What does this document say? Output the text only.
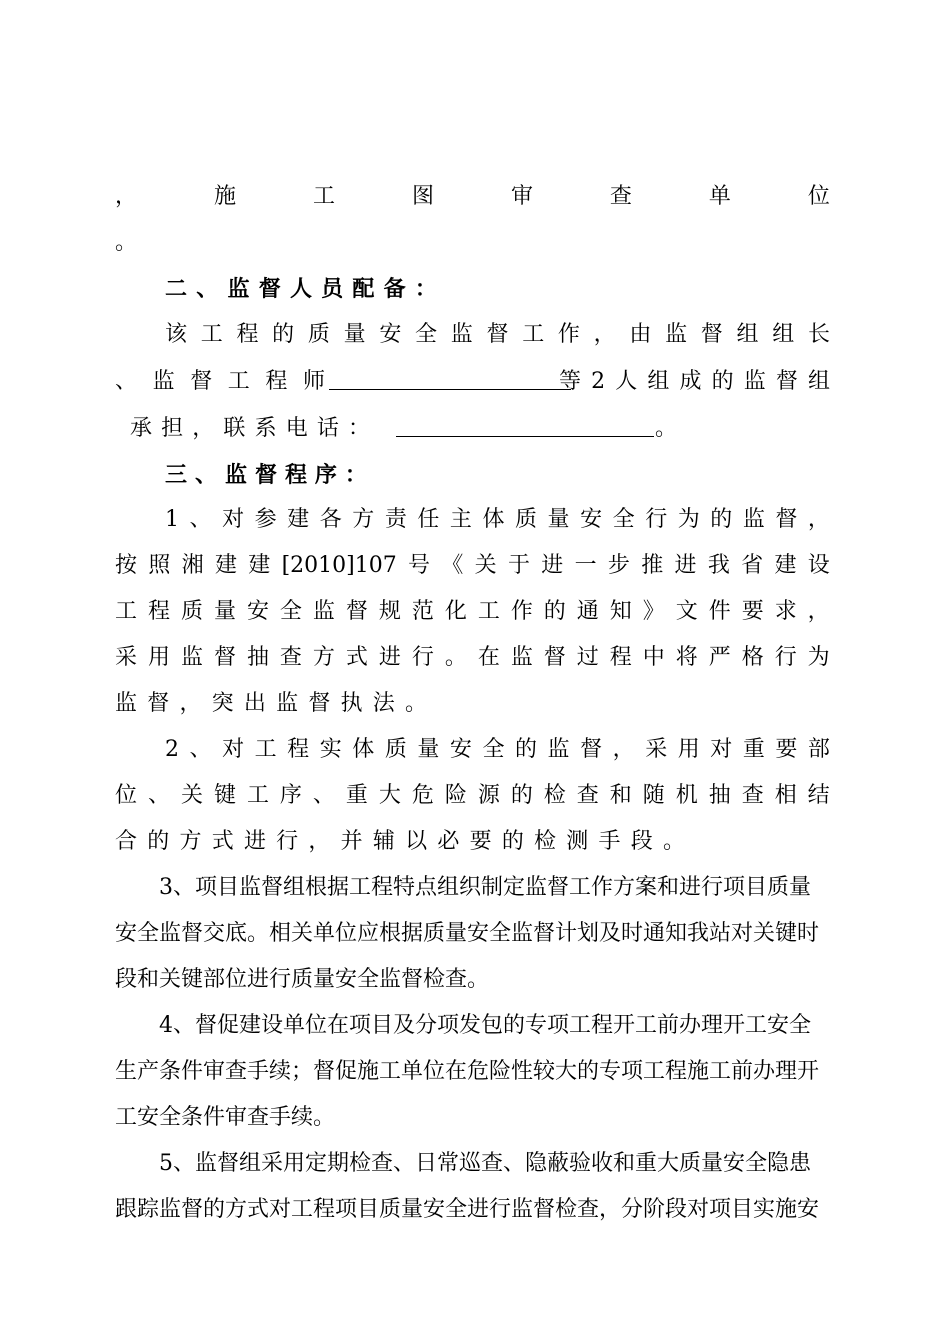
，	施	工	图	审	查	单	位
。
二 、 监 督 人 员 配 备 ：
该 工 程 的 质 量 安 全 监 督 工 作 ， 由 监 督 组 组 长
、 监 督 工 程 师	等 2 人 组 成 的 监 督 组
承 担 ， 联 系 电 话 ：	。
三 、 监 督 程 序 ：
1 、 对 参 建 各 方 责 任 主 体 质 量 安 全 行 为 的 监 督 ，
按 照 湘 建 建 [2010]107 号 《 关 于 进 一 步 推 进 我 省 建 设
工 程 质 量 安 全 监 督 规 范 化 工 作 的 通 知 》 文 件 要 求 ，
采 用 监 督 抽 查 方 式 进 行 。 在 监 督 过 程 中 将 严 格 行 为
监 督 ， 突 出 监 督 执 法 。
2 、 对 工 程 实 体 质 量 安 全 的 监 督 ， 采 用 对 重 要 部
位 、 关 键 工 序 、 重 大 危 险 源 的 检 查 和 随 机 抽 查 相 结
合 的 方 式 进 行 ， 并 辅 以 必 要 的 检 测 手 段 。
3、项目监督组根据工程特点组织制定监督工作方案和进行项目质量
安全监督交底。相关单位应根据质量安全监督计划及时通知我站对关键时
段和关键部位进行质量安全监督检查。
4、督促建设单位在项目及分项发包的专项工程开工前办理开工安全
生产条件审查手续；督促施工单位在危险性较大的专项工程施工前办理开
工安全条件审查手续。
5、监督组采用定期检查、日常巡查、隐蔽验收和重大质量安全隐患
跟踪监督的方式对工程项目质量安全进行监督检查，分阶段对项目实施安
